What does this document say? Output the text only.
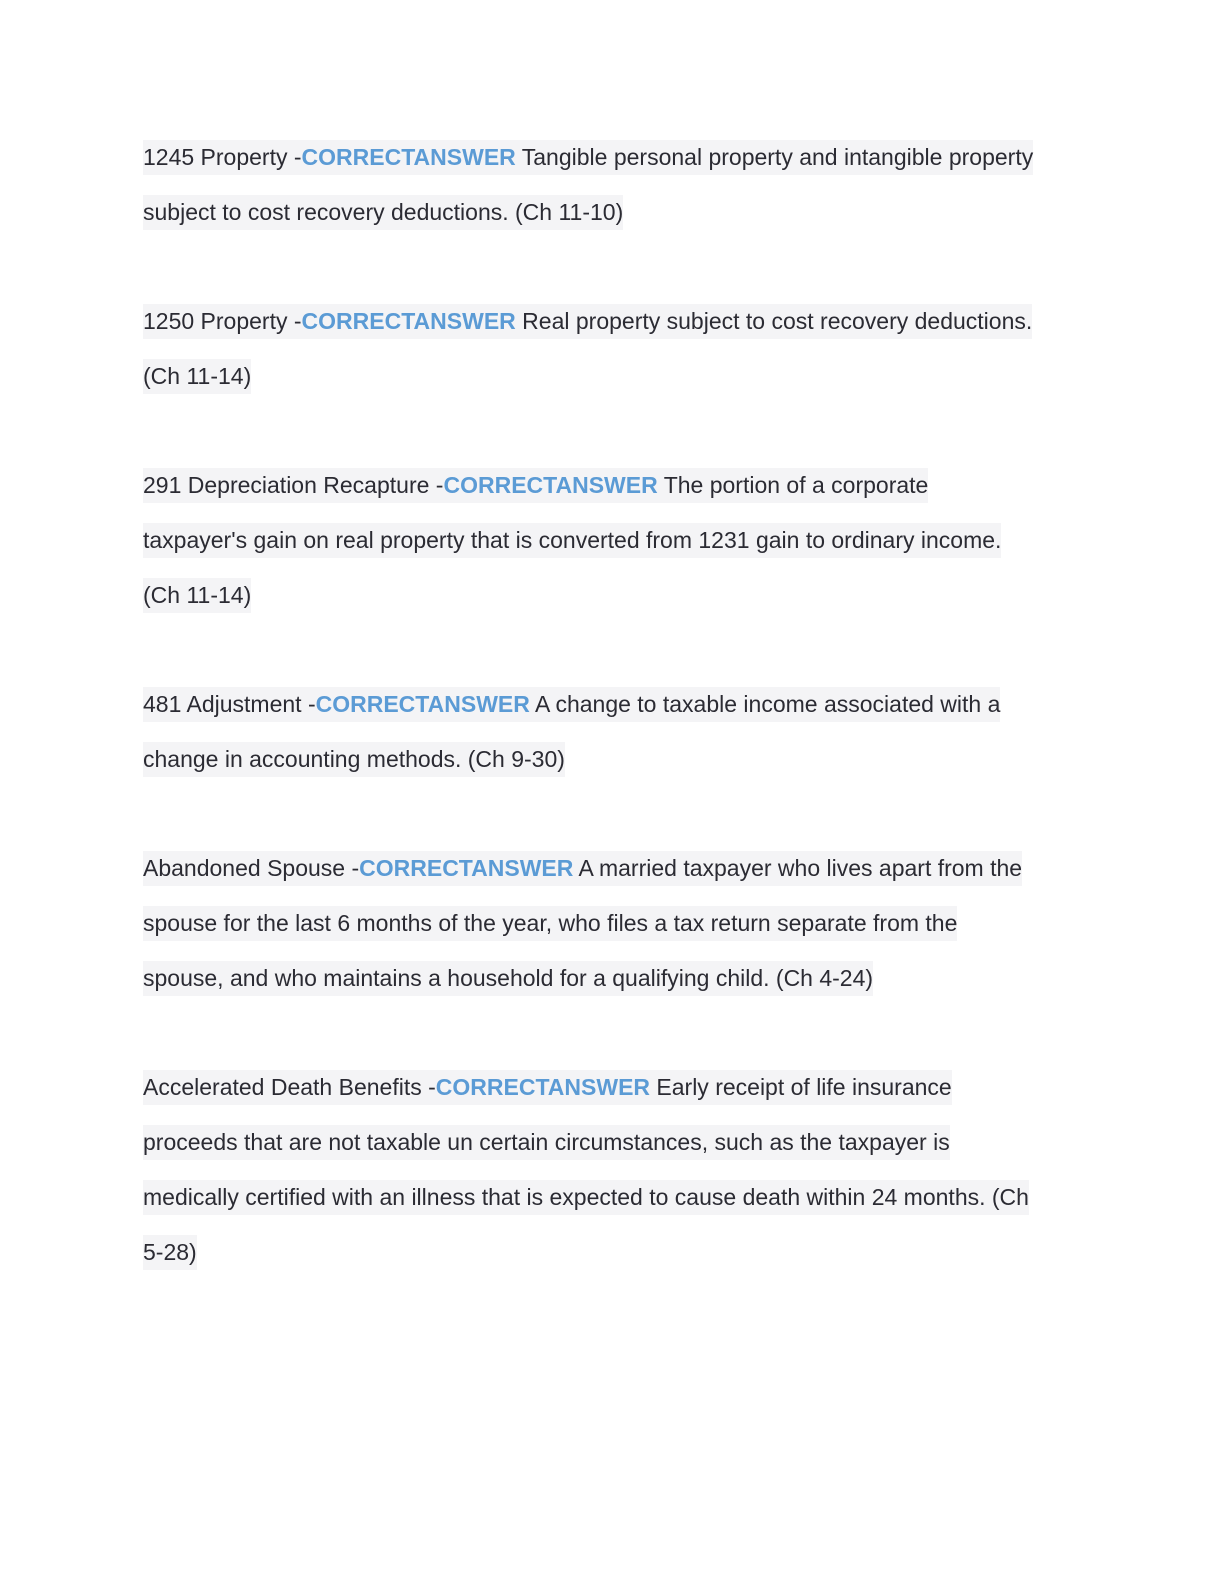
1245 Property -CORRECTANSWER Tangible personal property and intangible property
subject to cost recovery deductions. (Ch 11-10)
1250 Property -CORRECTANSWER Real property subject to cost recovery deductions.
(Ch 11-14)
291 Depreciation Recapture -CORRECTANSWER The portion of a corporate
taxpayer's gain on real property that is converted from 1231 gain to ordinary income.
(Ch 11-14)
481 Adjustment -CORRECTANSWER A change to taxable income associated with a
change in accounting methods. (Ch 9-30)
Abandoned Spouse -CORRECTANSWER A married taxpayer who lives apart from the
spouse for the last 6 months of the year, who files a tax return separate from the
spouse, and who maintains a household for a qualifying child. (Ch 4-24)
Accelerated Death Benefits -CORRECTANSWER Early receipt of life insurance
proceeds that are not taxable un certain circumstances, such as the taxpayer is
medically certified with an illness that is expected to cause death within 24 months. (Ch
5-28)
